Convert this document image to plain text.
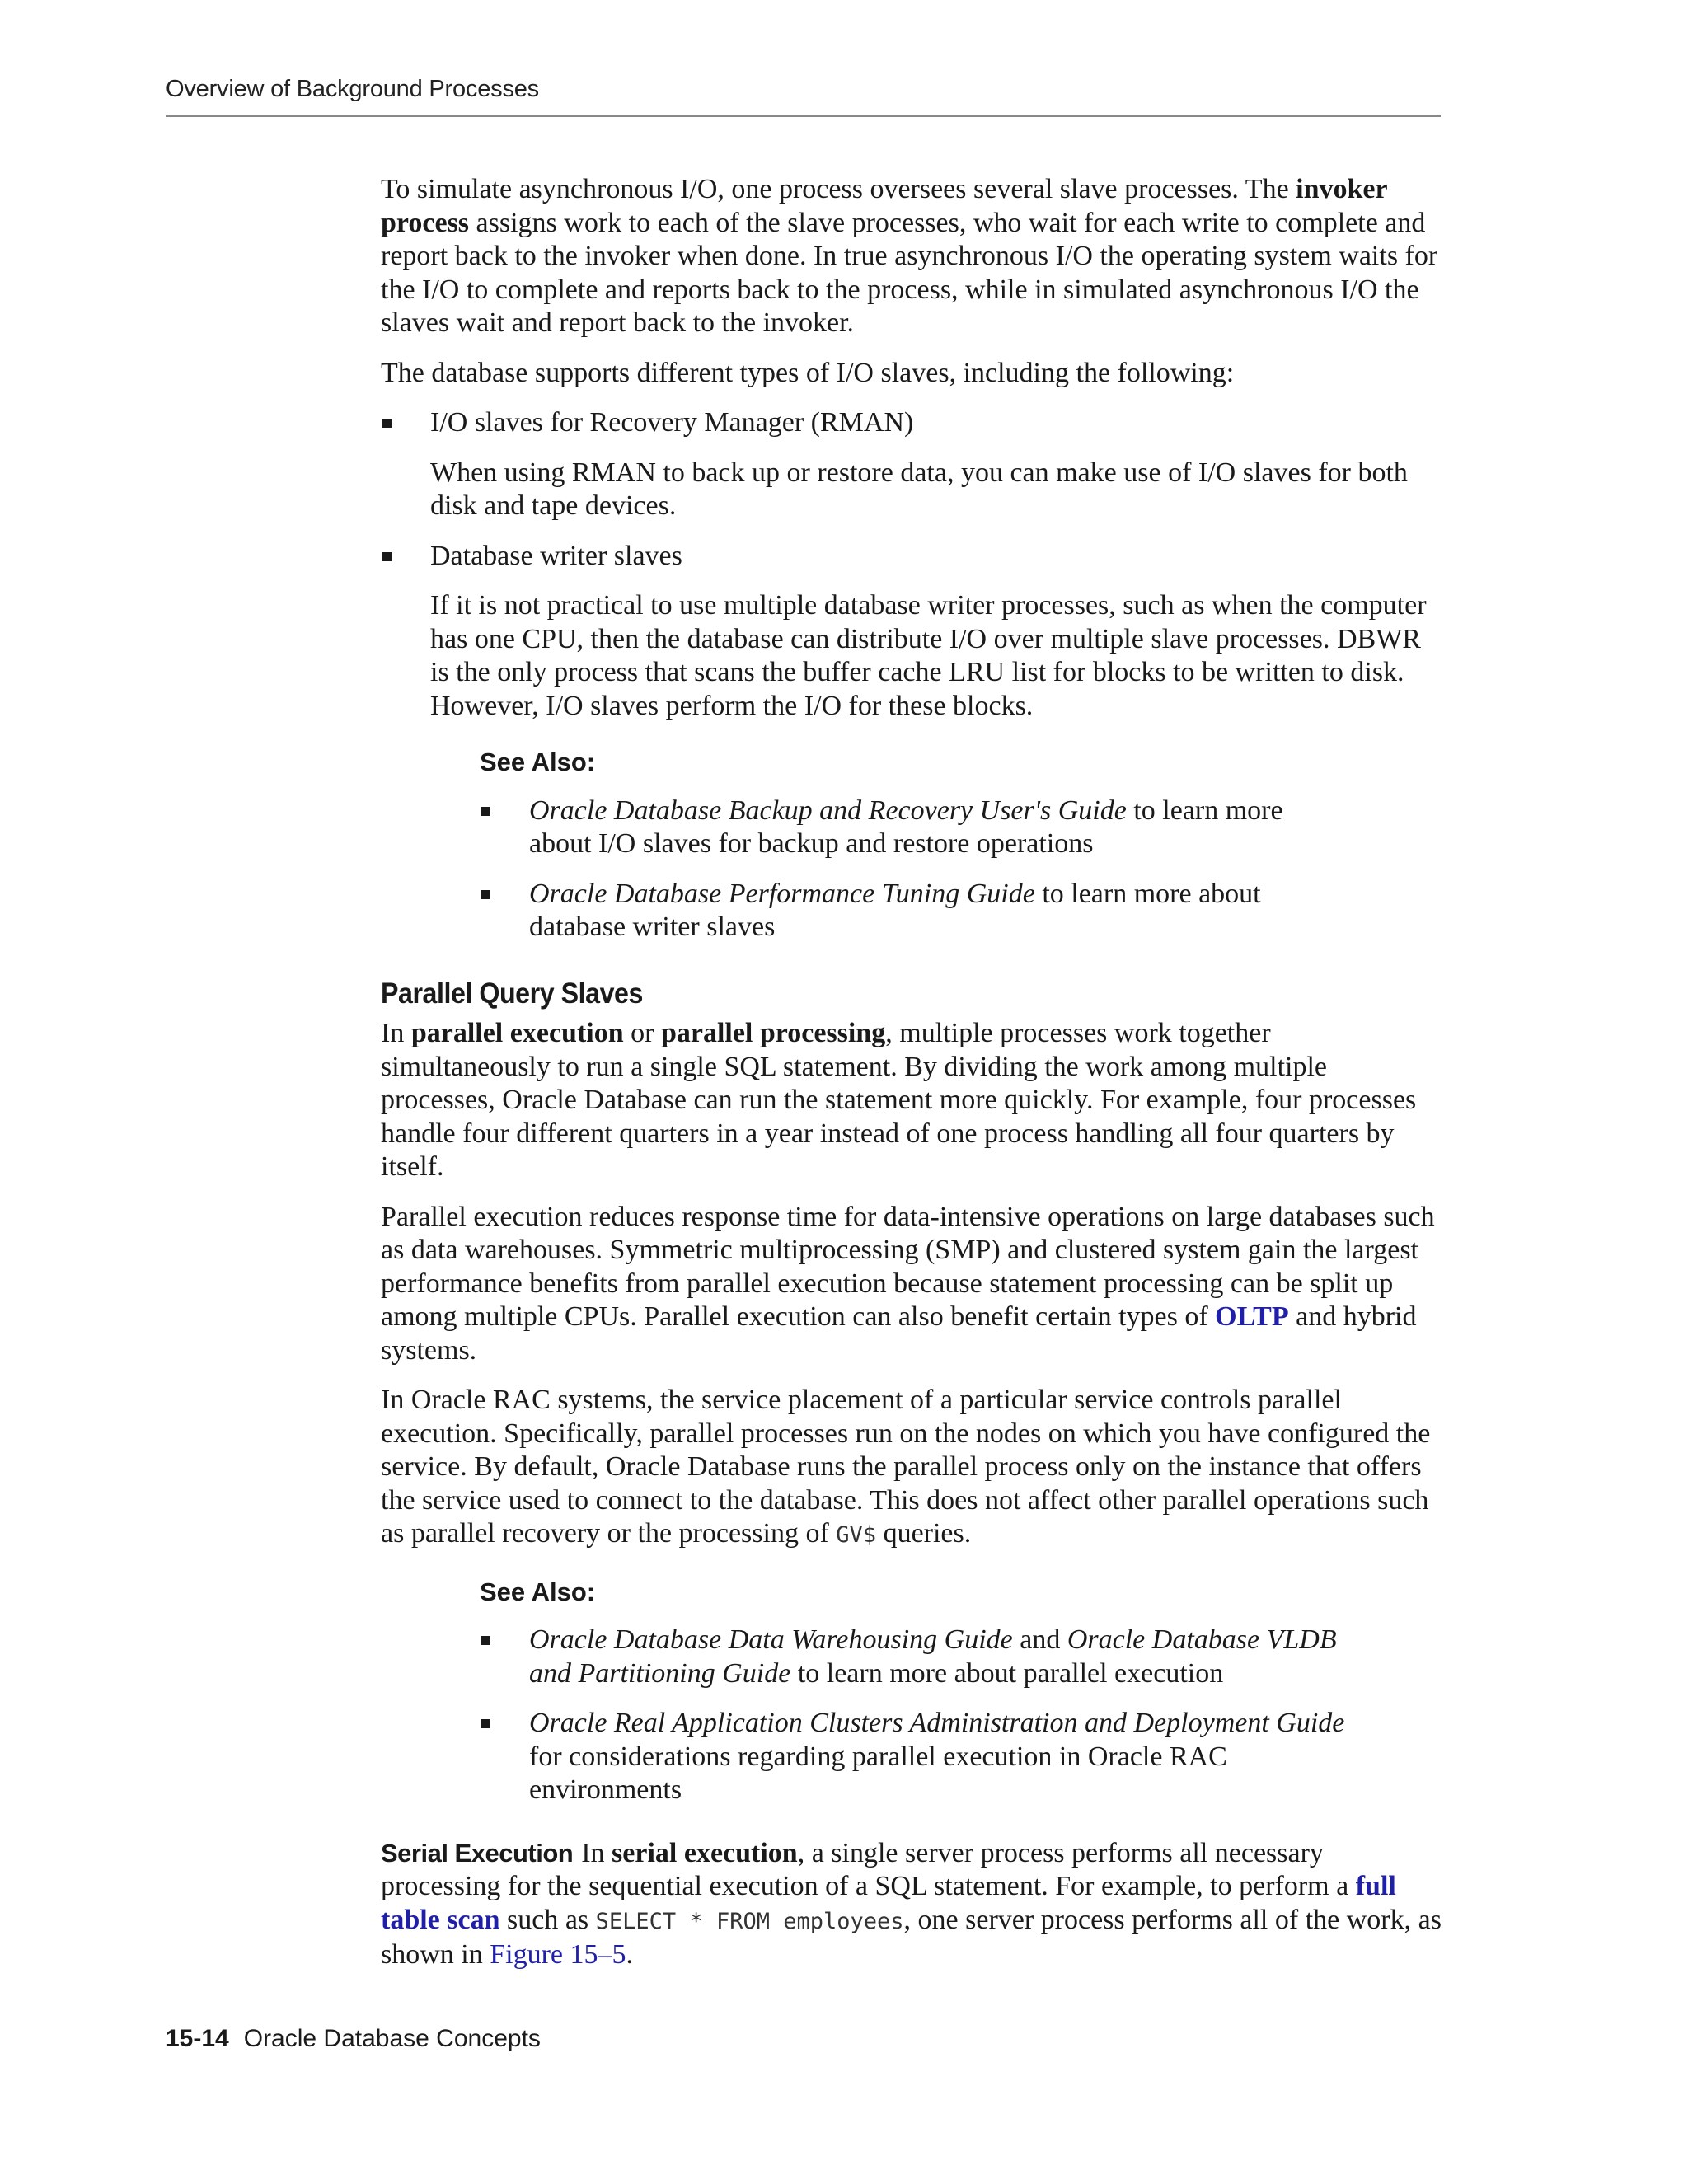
Overview of Background Processes

To simulate asynchronous I/O, one process oversees several slave processes. The invoker process assigns work to each of the slave processes, who wait for each write to complete and report back to the invoker when done. In true asynchronous I/O the operating system waits for the I/O to complete and reports back to the process, while in simulated asynchronous I/O the slaves wait and report back to the invoker.

The database supports different types of I/O slaves, including the following:

I/O slaves for Recovery Manager (RMAN)
When using RMAN to back up or restore data, you can make use of I/O slaves for both disk and tape devices.
Database writer slaves
If it is not practical to use multiple database writer processes, such as when the computer has one CPU, then the database can distribute I/O over multiple slave processes. DBWR is the only process that scans the buffer cache LRU list for blocks to be written to disk. However, I/O slaves perform the I/O for these blocks.
See Also:
Oracle Database Backup and Recovery User's Guide to learn more about I/O slaves for backup and restore operations
Oracle Database Performance Tuning Guide to learn more about database writer slaves
Parallel Query Slaves

In parallel execution or parallel processing, multiple processes work together simultaneously to run a single SQL statement. By dividing the work among multiple processes, Oracle Database can run the statement more quickly. For example, four processes handle four different quarters in a year instead of one process handling all four quarters by itself.

Parallel execution reduces response time for data-intensive operations on large databases such as data warehouses. Symmetric multiprocessing (SMP) and clustered system gain the largest performance benefits from parallel execution because statement processing can be split up among multiple CPUs. Parallel execution can also benefit certain types of OLTP and hybrid systems.

In Oracle RAC systems, the service placement of a particular service controls parallel execution. Specifically, parallel processes run on the nodes on which you have configured the service. By default, Oracle Database runs the parallel process only on the instance that offers the service used to connect to the database. This does not affect other parallel operations such as parallel recovery or the processing of GV$ queries.

See Also:
Oracle Database Data Warehousing Guide and Oracle Database VLDB and Partitioning Guide to learn more about parallel execution
Oracle Real Application Clusters Administration and Deployment Guide for considerations regarding parallel execution in Oracle RAC environments

Serial Execution In serial execution, a single server process performs all necessary processing for the sequential execution of a SQL statement. For example, to perform a full table scan such as SELECT * FROM employees, one server process performs all of the work, as shown in Figure 15–5.

15-14 Oracle Database Concepts
